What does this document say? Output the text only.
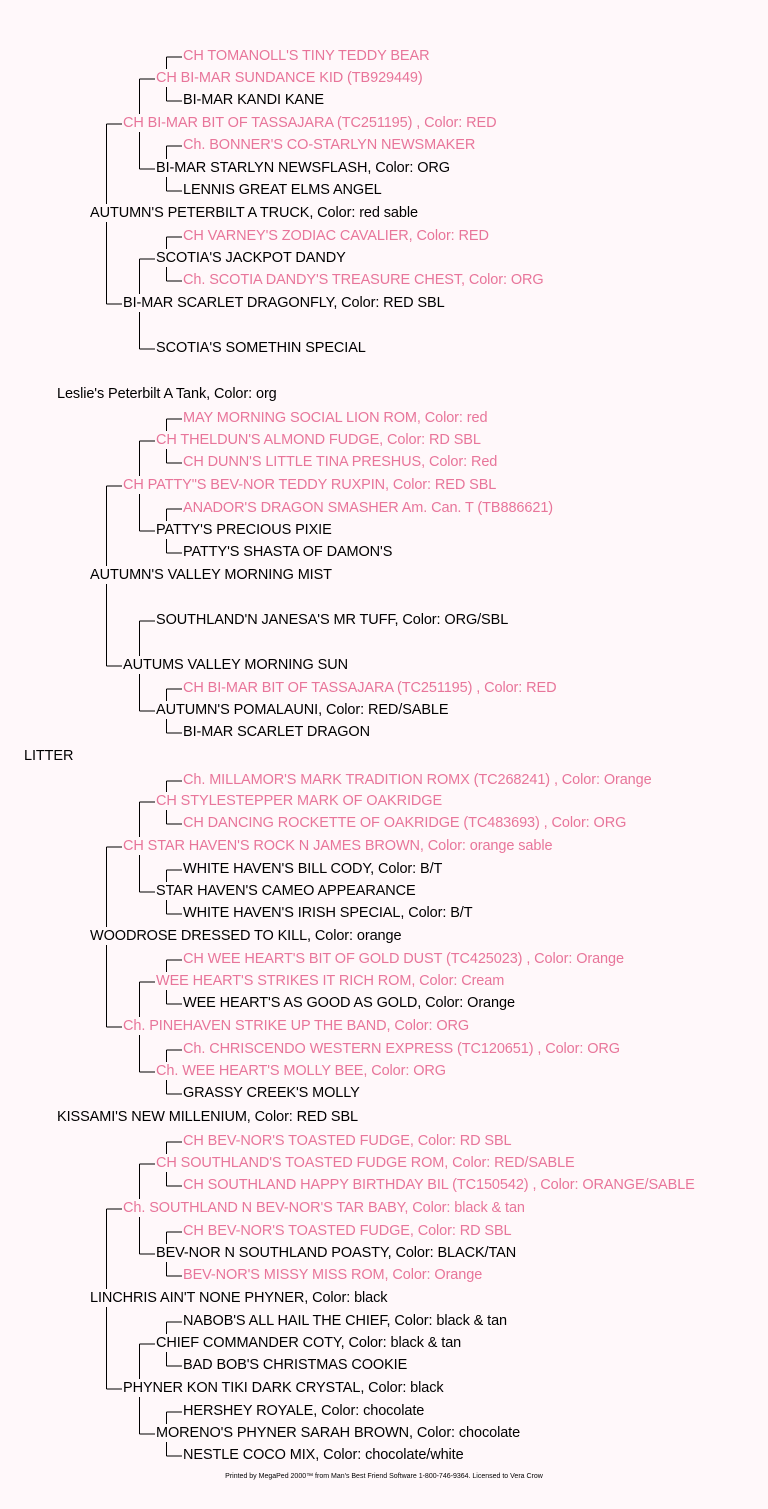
LITTER
Leslie's Peterbilt A Tank, Color: org
KISSAMI'S NEW MILLENIUM, Color: RED SBL
AUTUMN'S PETERBILT A TRUCK, Color: red sable
AUTUMN'S VALLEY MORNING MIST
WOODROSE DRESSED TO KILL, Color: orange
LINCHRIS AIN'T NONE PHYNER, Color: black
CH BI-MAR BIT OF TASSAJARA (TC251195) , Color: RED
BI-MAR SCARLET DRAGONFLY, Color: RED SBL
CH PATTY"S BEV-NOR TEDDY RUXPIN, Color: RED SBL
AUTUMS VALLEY MORNING SUN
CH STAR HAVEN'S ROCK N JAMES BROWN, Color: orange sable
Ch. PINEHAVEN STRIKE UP THE BAND, Color: ORG
Ch. SOUTHLAND N BEV-NOR'S TAR BABY, Color: black & tan
PHYNER KON TIKI DARK CRYSTAL, Color: black
CH BI-MAR SUNDANCE KID (TB929449)
BI-MAR STARLYN NEWSFLASH, Color: ORG
SCOTIA'S JACKPOT DANDY
SCOTIA'S SOMETHIN SPECIAL
CH THELDUN'S ALMOND FUDGE, Color: RD SBL
PATTY'S PRECIOUS PIXIE
SOUTHLAND'N JANESA'S MR TUFF, Color: ORG/SBL
AUTUMN'S POMALAUNI, Color: RED/SABLE
CH STYLESTEPPER MARK OF OAKRIDGE
STAR HAVEN'S CAMEO APPEARANCE
WEE HEART'S STRIKES IT RICH ROM, Color: Cream
Ch. WEE HEART'S MOLLY BEE, Color: ORG
CH SOUTHLAND'S TOASTED FUDGE ROM, Color: RED/SABLE
BEV-NOR N SOUTHLAND POASTY, Color: BLACK/TAN
CHIEF COMMANDER COTY, Color: black & tan
MORENO'S PHYNER SARAH BROWN, Color: chocolate
CH TOMANOLL'S TINY TEDDY BEAR
BI-MAR KANDI KANE
Ch. BONNER'S CO-STARLYN NEWSMAKER
LENNIS GREAT ELMS ANGEL
CH VARNEY'S ZODIAC CAVALIER, Color: RED
Ch. SCOTIA DANDY'S TREASURE CHEST, Color: ORG
MAY MORNING SOCIAL LION ROM, Color: red
CH DUNN'S LITTLE TINA PRESHUS, Color: Red
ANADOR'S DRAGON SMASHER Am. Can. T (TB886621)
PATTY'S SHASTA OF DAMON'S
CH BI-MAR BIT OF TASSAJARA (TC251195) , Color: RED
BI-MAR SCARLET DRAGON
Ch. MILLAMOR'S MARK TRADITION ROMX (TC268241) , Color: Orange
CH DANCING ROCKETTE OF OAKRIDGE (TC483693) , Color: ORG
WHITE HAVEN'S BILL CODY, Color: B/T
WHITE HAVEN'S IRISH SPECIAL, Color: B/T
CH WEE HEART'S BIT OF GOLD DUST (TC425023) , Color: Orange
WEE HEART'S AS GOOD AS GOLD, Color: Orange
Ch. CHRISCENDO WESTERN EXPRESS (TC120651) , Color: ORG
GRASSY CREEK'S MOLLY
CH BEV-NOR'S TOASTED FUDGE, Color: RD SBL
CH SOUTHLAND HAPPY BIRTHDAY BIL (TC150542) , Color: ORANGE/SABLE
CH BEV-NOR'S TOASTED FUDGE, Color: RD SBL
BEV-NOR'S MISSY MISS ROM, Color: Orange
NABOB'S ALL HAIL THE CHIEF, Color: black & tan
BAD BOB'S CHRISTMAS COOKIE
HERSHEY ROYALE, Color: chocolate
NESTLE COCO MIX, Color: chocolate/white
Printed by MegaPed 2000™ from Man's Best Friend Software 1-800-746-9364. Licensed to Vera Crow
